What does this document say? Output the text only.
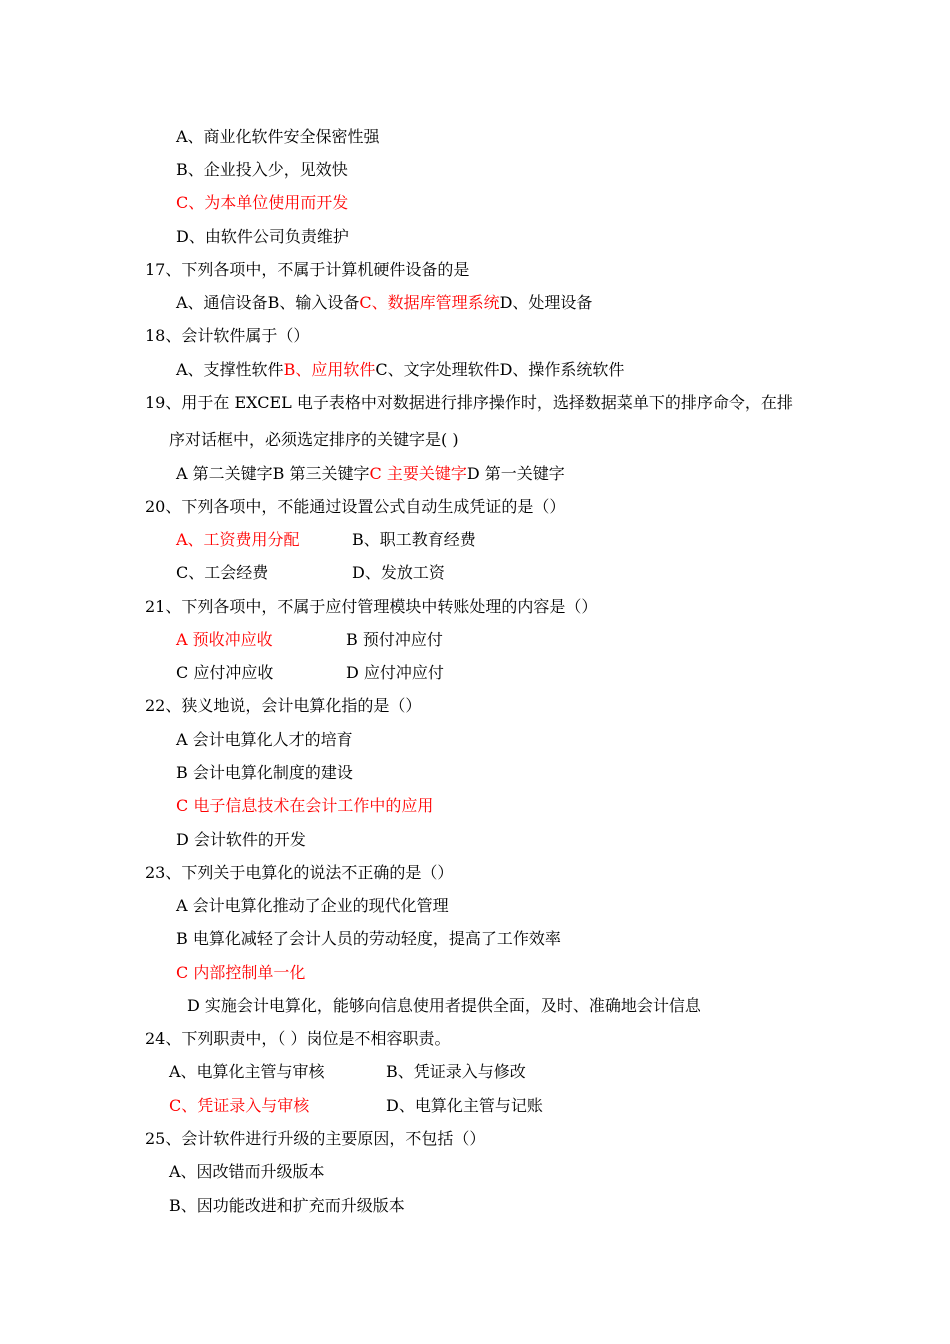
A、商业化软件安全保密性强
B、企业投入少，见效快
C、为本单位使用而开发
D、由软件公司负责维护
17、下列各项中，不属于计算机硬件设备的是
A、通信设备B、输入设备C、数据库管理系统D、处理设备
18、会计软件属于（）
A、支撑性软件B、应用软件C、文字处理软件D、操作系统软件
19、用于在 EXCEL 电子表格中对数据进行排序操作时，选择数据菜单下的排序命令，在排
序对话框中，必须选定排序的关键字是( )
A 第二关键字B 第三关键字C 主要关键字D 第一关键字
20、下列各项中，不能通过设置公式自动生成凭证的是（）
A、工资费用分配	B、职工教育经费
C、工会经费	D、发放工资
21、下列各项中，不属于应付管理模块中转账处理的内容是（）
A 预收冲应收	B 预付冲应付
C 应付冲应收	D 应付冲应付
22、狭义地说，会计电算化指的是（）
A 会计电算化人才的培育
B 会计电算化制度的建设
C 电子信息技术在会计工作中的应用
D 会计软件的开发
23、下列关于电算化的说法不正确的是（）
A 会计电算化推动了企业的现代化管理
B 电算化减轻了会计人员的劳动轻度，提高了工作效率
C 内部控制单一化
D 实施会计电算化，能够向信息使用者提供全面，及时、准确地会计信息
24、下列职责中，（ ）岗位是不相容职责。
A、电算化主管与审核	B、凭证录入与修改
C、凭证录入与审核	D、电算化主管与记账
25、会计软件进行升级的主要原因，不包括（）
A、因改错而升级版本
B、因功能改进和扩充而升级版本
